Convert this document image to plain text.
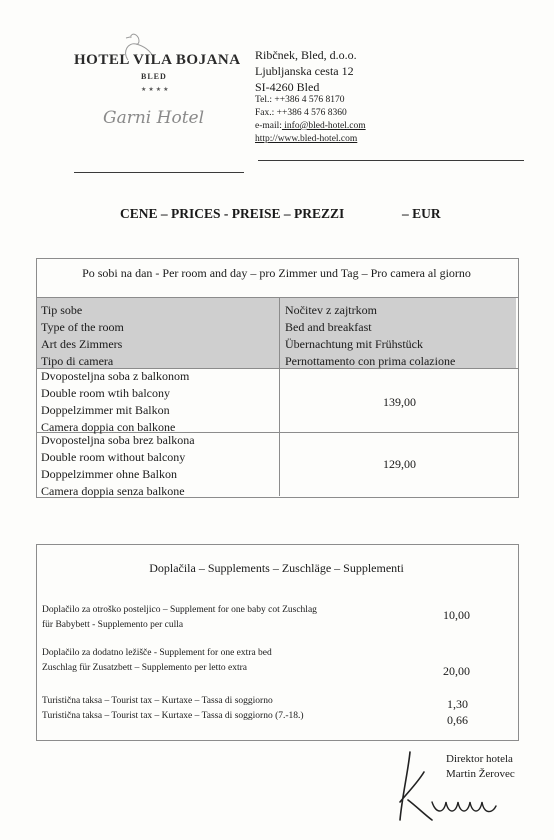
HOTEL VILA BOJANA
BLED
★★★★
Garni Hotel
Ribčnek, Bled, d.o.o.
Ljubljanska cesta 12
SI-4260 Bled
Tel.: ++386 4 576 8170
Fax.: ++386 4 576 8360
e-mail: info@bled-hotel.com
http://www.bled-hotel.com
CENE – PRICES - PREISE – PREZZI	– EUR
Po sobi na dan - Per room and day – pro Zimmer und Tag – Pro camera al giorno
Tip sobe
Type of the room
Art des Zimmers
Tipo di camera
Nočitev z zajtrkom
Bed and breakfast
Übernachtung mit Frühstück
Pernottamento con prima colazione
Dvoposteljna soba z balkonom
Double room wtih balcony
Doppelzimmer mit Balkon
Camera doppia con balkone
139,00
Dvoposteljna soba brez balkona
Double room without balcony
Doppelzimmer ohne Balkon
Camera doppia senza balkone
129,00
Doplačila – Supplements – Zuschläge – Supplementi
Doplačilo za otroško posteljico – Supplement for one baby cot Zuschlag
für Babybett - Supplemento per culla
10,00
Doplačilo za dodatno ležišče - Supplement for one extra bed
Zuschlag für Zusatzbett – Supplemento per letto extra	20,00
Turistična taksa – Tourist tax – Kurtaxe – Tassa di soggiorno
Turistična taksa – Tourist tax – Kurtaxe – Tassa di soggiorno (7.-18.)
1,30
0,66
Direktor hotela
Martin Žerovec
